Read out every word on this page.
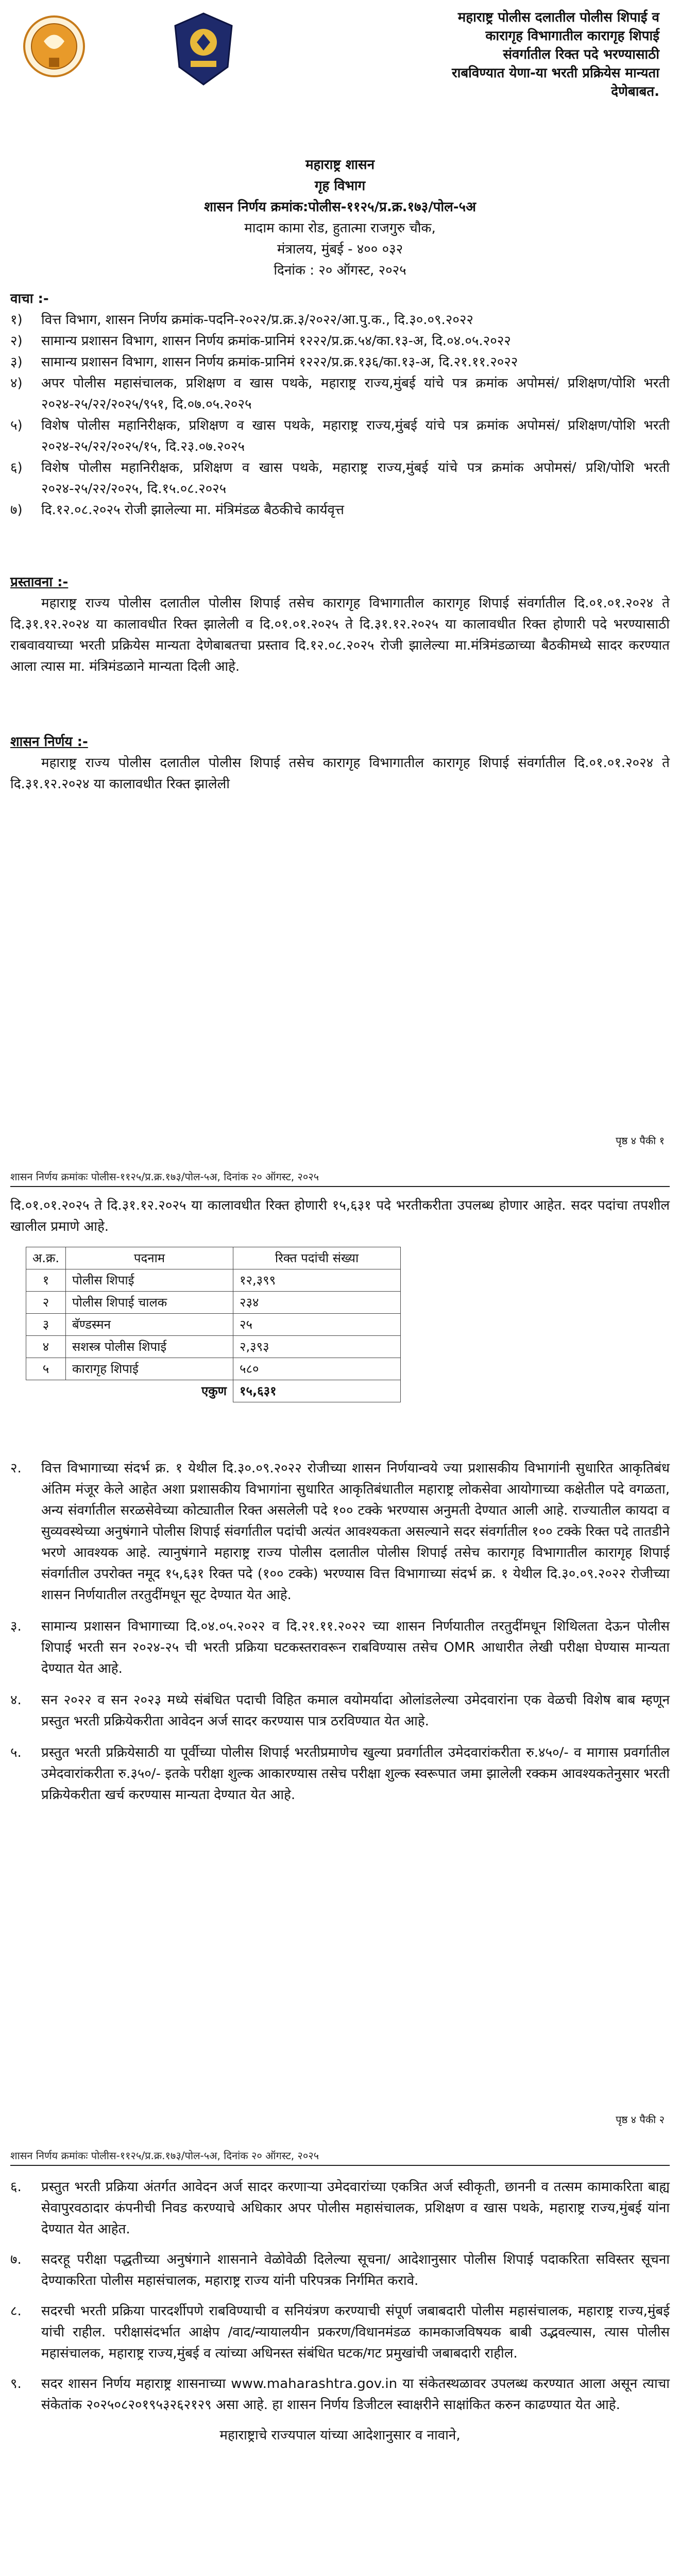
महाराष्ट्र पोलीस दलातील पोलीस शिपाई व
कारागृह विभागातील कारागृह शिपाई
संवर्गातील रिक्त पदे भरण्यासाठी
राबविण्यात येणा-या भरती प्रक्रियेस मान्यता
देणेबाबत.
महाराष्ट्र शासन
गृह विभाग
शासन निर्णय क्रमांक:पोलीस-११२५/प्र.क्र.१७३/पोल-५अ
मादाम कामा रोड, हुतात्मा राजगुरु चौक,
मंत्रालय, मुंबई - ४०० ०३२
दिनांक : २० ऑगस्ट, २०२५
वाचा :-
१)	वित्त विभाग, शासन निर्णय क्रमांक-पदनि-२०२२/प्र.क्र.३/२०२२/आ.पु.क., दि.३०.०९.२०२२
२)	सामान्य प्रशासन विभाग, शासन निर्णय क्रमांक-प्रानिमं १२२२/प्र.क्र.५४/का.१३-अ, दि.०४.०५.२०२२
३)	सामान्य प्रशासन विभाग, शासन निर्णय क्रमांक-प्रानिमं १२२२/प्र.क्र.१३६/का.१३-अ, दि.२१.११.२०२२
४)	अपर पोलीस महासंचालक, प्रशिक्षण व खास पथके, महाराष्ट्र राज्य,मुंबई यांचे पत्र क्रमांक अपोमसं/ प्रशिक्षण/पोशि भरती २०२४-२५/२२/२०२५/९५१, दि.०७.०५.२०२५
५)	विशेष पोलीस महानिरीक्षक, प्रशिक्षण व खास पथके, महाराष्ट्र राज्य,मुंबई यांचे पत्र क्रमांक अपोमसं/ प्रशिक्षण/पोशि भरती २०२४-२५/२२/२०२५/१५, दि.२३.०७.२०२५
६)	विशेष पोलीस महानिरीक्षक, प्रशिक्षण व खास पथके, महाराष्ट्र राज्य,मुंबई यांचे पत्र क्रमांक अपोमसं/ प्रशि/पोशि भरती २०२४-२५/२२/२०२५, दि.१५.०८.२०२५
७)	दि.१२.०८.२०२५ रोजी झालेल्या मा. मंत्रिमंडळ बैठकीचे कार्यवृत्त
प्रस्तावना :-
महाराष्ट्र राज्य पोलीस दलातील पोलीस शिपाई तसेच कारागृह विभागातील कारागृह शिपाई संवर्गातील दि.०१.०१.२०२४ ते दि.३१.१२.२०२४ या कालावधीत रिक्त झालेली व दि.०१.०१.२०२५ ते दि.३१.१२.२०२५ या कालावधीत रिक्त होणारी पदे भरण्यासाठी राबवावयाच्या भरती प्रक्रियेस मान्यता देणेबाबतचा प्रस्ताव दि.१२.०८.२०२५ रोजी झालेल्या मा.मंत्रिमंडळाच्या बैठकीमध्ये सादर करण्यात आला त्यास मा. मंत्रिमंडळाने मान्यता दिली आहे.
शासन निर्णय :-
महाराष्ट्र राज्य पोलीस दलातील पोलीस शिपाई तसेच कारागृह विभागातील कारागृह शिपाई संवर्गातील दि.०१.०१.२०२४ ते दि.३१.१२.२०२४ या कालावधीत रिक्त झालेली
पृष्ठ ४ पैकी १
शासन निर्णय क्रमांकः पोलीस-११२५/प्र.क्र.१७३/पोल-५अ, दिनांक २० ऑगस्ट, २०२५
दि.०१.०१.२०२५ ते दि.३१.१२.२०२५ या कालावधीत रिक्त होणारी १५,६३१ पदे भरतीकरीता उपलब्ध होणार आहेत. सदर पदांचा तपशील खालील प्रमाणे आहे.
अ.क्र.	पदनाम	रिक्त पदांची संख्या
१	पोलीस शिपाई	१२,३९९
२	पोलीस शिपाई चालक	२३४
३	बॅण्डस्मन	२५
४	सशस्त्र पोलीस शिपाई	२,३९३
५	कारागृह शिपाई	५८०
	एकुण	१५,६३१
२.	वित्त विभागाच्या संदर्भ क्र. १ येथील दि.३०.०९.२०२२ रोजीच्या शासन निर्णयान्वये ज्या प्रशासकीय विभागांनी सुधारित आकृतिबंध अंतिम मंजूर केले आहेत अशा प्रशासकीय विभागांना सुधारित आकृतिबंधातील महाराष्ट्र लोकसेवा आयोगाच्या कक्षेतील पदे वगळता, अन्य संवर्गातील सरळसेवेच्या कोट्यातील रिक्त असलेली पदे १०० टक्के भरण्यास अनुमती देण्यात आली आहे. राज्यातील कायदा व सुव्यवस्थेच्या अनुषंगाने पोलीस शिपाई संवर्गातील पदांची अत्यंत आवश्यकता असल्याने सदर संवर्गातील १०० टक्के रिक्त पदे तातडीने भरणे आवश्यक आहे. त्यानुषंगाने महाराष्ट्र राज्य पोलीस दलातील पोलीस शिपाई तसेच कारागृह विभागातील कारागृह शिपाई संवर्गातील उपरोक्त नमूद १५,६३१ रिक्त पदे (१०० टक्के) भरण्यास वित्त विभागाच्या संदर्भ क्र. १ येथील दि.३०.०९.२०२२ रोजीच्या शासन निर्णयातील तरतुदींमधून सूट देण्यात येत आहे.
३.	सामान्य प्रशासन विभागाच्या दि.०४.०५.२०२२ व दि.२१.११.२०२२ च्या शासन निर्णयातील तरतुदींमधून शिथिलता देऊन पोलीस शिपाई भरती सन २०२४-२५ ची भरती प्रक्रिया घटकस्तरावरून राबविण्यास तसेच OMR आधारीत लेखी परीक्षा घेण्यास मान्यता देण्यात येत आहे.
४.	सन २०२२ व सन २०२३ मध्ये संबंधित पदाची विहित कमाल वयोमर्यादा ओलांडलेल्या उमेदवारांना एक वेळची विशेष बाब म्हणून प्रस्तुत भरती प्रक्रियेकरीता आवेदन अर्ज सादर करण्यास पात्र ठरविण्यात येत आहे.
५.	प्रस्तुत भरती प्रक्रियेसाठी या पूर्वीच्या पोलीस शिपाई भरतीप्रमाणेच खुल्या प्रवर्गातील उमेदवारांकरीता रु.४५०/- व मागास प्रवर्गातील उमेदवारांकरीता रु.३५०/- इतके परीक्षा शुल्क आकारण्यास तसेच परीक्षा शुल्क स्वरूपात जमा झालेली रक्कम आवश्यकतेनुसार भरती प्रक्रियेकरीता खर्च करण्यास मान्यता देण्यात येत आहे.
पृष्ठ ४ पैकी २
शासन निर्णय क्रमांकः पोलीस-११२५/प्र.क्र.१७३/पोल-५अ, दिनांक २० ऑगस्ट, २०२५
६.	प्रस्तुत भरती प्रक्रिया अंतर्गत आवेदन अर्ज सादर करणाऱ्या उमेदवारांच्या एकत्रित अर्ज स्वीकृती, छाननी व तत्सम कामाकरिता बाह्य सेवापुरवठादार कंपनीची निवड करण्याचे अधिकार अपर पोलीस महासंचालक, प्रशिक्षण व खास पथके, महाराष्ट्र राज्य,मुंबई यांना देण्यात येत आहेत.
७.	सदरहू परीक्षा पद्धतीच्या अनुषंगाने शासनाने वेळोवेळी दिलेल्या सूचना/ आदेशानुसार पोलीस शिपाई पदाकरिता सविस्तर सूचना देण्याकरिता पोलीस महासंचालक, महाराष्ट्र राज्य यांनी परिपत्रक निर्गमित करावे.
८.	सदरची भरती प्रक्रिया पारदर्शीपणे राबविण्याची व सनियंत्रण करण्याची संपूर्ण जबाबदारी पोलीस महासंचालक, महाराष्ट्र राज्य,मुंबई यांची राहील. परीक्षासंदर्भात आक्षेप /वाद/न्यायालयीन प्रकरण/विधानमंडळ कामकाजविषयक बाबी उद्भवल्यास, त्यास पोलीस महासंचालक, महाराष्ट्र राज्य,मुंबई व त्यांच्या अधिनस्त संबंधित घटक/गट प्रमुखांची जबाबदारी राहील.
९.	सदर शासन निर्णय महाराष्ट्र शासनाच्या www.maharashtra.gov.in या संकेतस्थळावर उपलब्ध करण्यात आला असून त्याचा संकेतांक २०२५०८२०१९५३२६२१२९ असा आहे. हा शासन निर्णय डिजीटल स्वाक्षरीने साक्षांकित करुन काढण्यात येत आहे.
महाराष्ट्राचे राज्यपाल यांच्या आदेशानुसार व नावाने,
